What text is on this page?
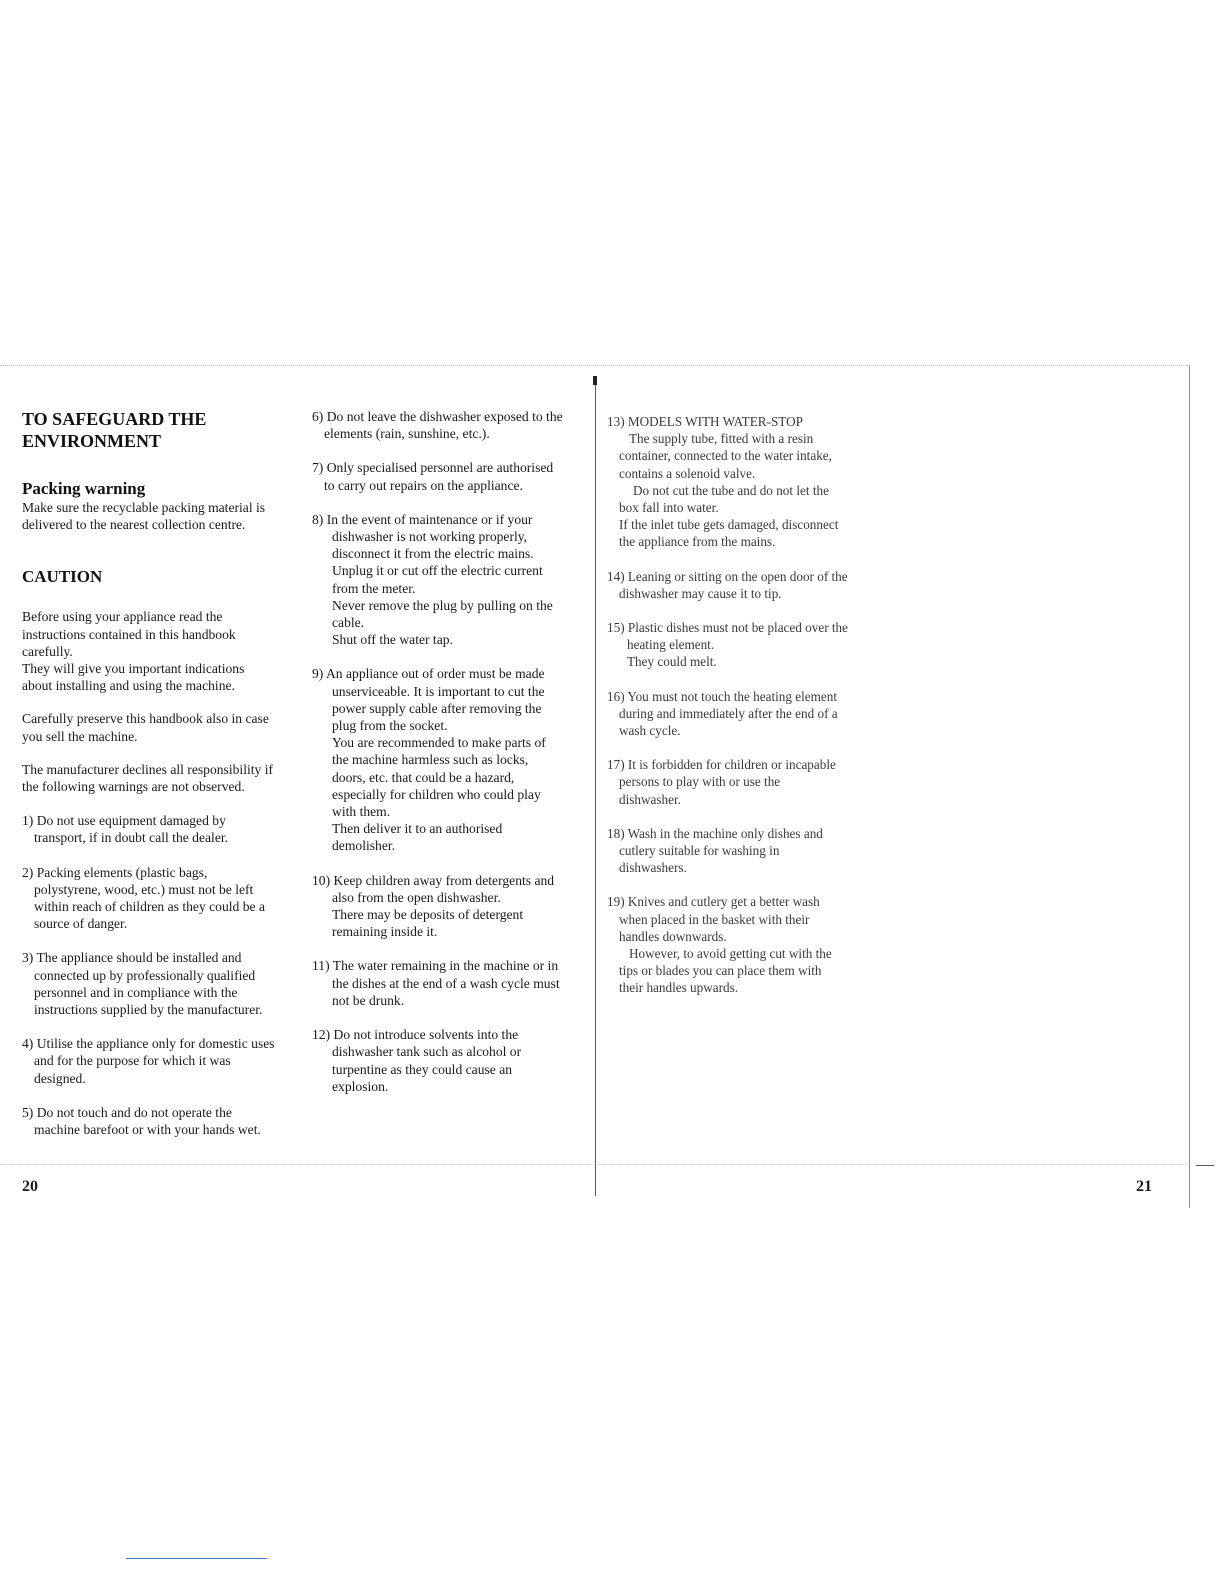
TO SAFEGUARD THE
ENVIRONMENT

Packing warning

Make sure the recyclable packing material is
delivered to the nearest collection centre.

CAUTION

Before using your appliance read the
instructions contained in this handbook
carefully.
They will give you important indications
about installing and using the machine.

Carefully preserve this handbook also in case
you sell the machine.

The manufacturer declines all responsibility if
the following warnings are not observed.

1) Do not use equipment damaged by
transport, if in doubt call the dealer.

2) Packing elements (plastic bags,
polystyrene, wood, etc.) must not be left
within reach of children as they could be a
source of danger.

3) The appliance should be installed and
connected up by professionally qualified
personnel and in compliance with the
instructions supplied by the manufacturer.

4) Utilise the appliance only for domestic uses
and for the purpose for which it was
designed.

5) Do not touch and do not operate the
machine barefoot or with your hands wet.

6) Do not leave the dishwasher exposed to the
elements (rain, sunshine, etc.).

7) Only specialised personnel are authorised
to carry out repairs on the appliance.

8) In the event of maintenance or if your
dishwasher is not working properly,
disconnect it from the electric mains.
Unplug it or cut off the electric current
from the meter.
Never remove the plug by pulling on the
cable.
Shut off the water tap.

9) An appliance out of order must be made
unserviceable. It is important to cut the
power supply cable after removing the
plug from the socket.
You are recommended to make parts of
the machine harmless such as locks,
doors, etc. that could be a hazard,
especially for children who could play
with them.
Then deliver it to an authorised
demolisher.

10) Keep children away from detergents and
also from the open dishwasher.
There may be deposits of detergent
remaining inside it.

11) The water remaining in the machine or in
the dishes at the end of a wash cycle must
not be drunk.

12) Do not introduce solvents into the
dishwasher tank such as alcohol or
turpentine as they could cause an
explosion.

13) MODELS WITH WATER-STOP
The supply tube, fitted with a resin
container, connected to the water intake,
contains a solenoid valve.
Do not cut the tube and do not let the
box fall into water.
If the inlet tube gets damaged, disconnect
the appliance from the mains.

14) Leaning or sitting on the open door of the
dishwasher may cause it to tip.

15) Plastic dishes must not be placed over the
heating element.
They could melt.

16) You must not touch the heating element
during and immediately after the end of a
wash cycle.

17) It is forbidden for children or incapable
persons to play with or use the
dishwasher.

18) Wash in the machine only dishes and
cutlery suitable for washing in
dishwashers.

19) Knives and cutlery get a better wash
when placed in the basket with their
handles downwards.
However, to avoid getting cut with the
tips or blades you can place them with
their handles upwards.

20	21
